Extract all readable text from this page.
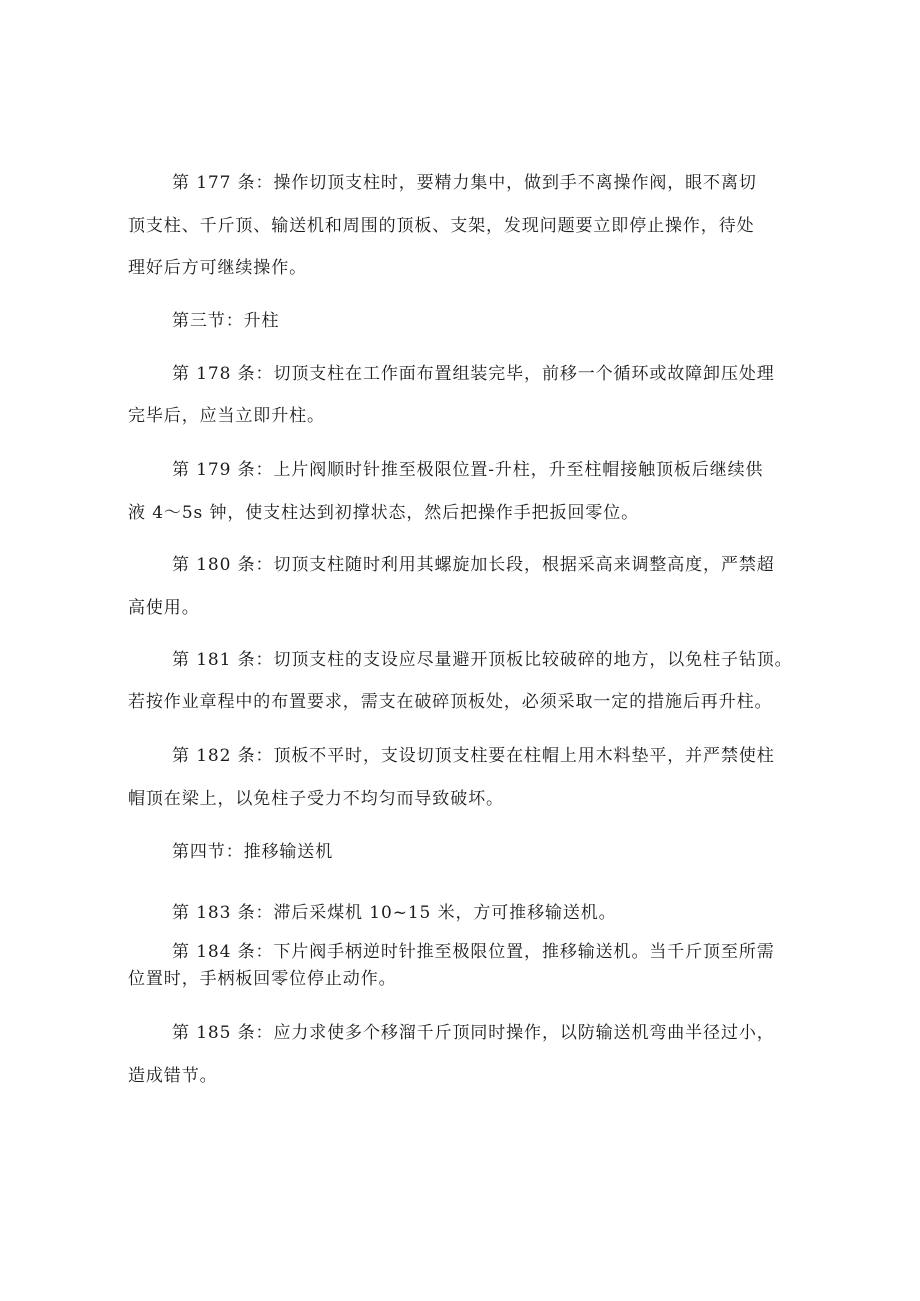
第 177 条：操作切顶支柱时，要精力集中，做到手不离操作阀，眼不离切
顶支柱、千斤顶、输送机和周围的顶板、支架，发现问题要立即停止操作，待处
理好后方可继续操作。
第三节：升柱
第 178 条：切顶支柱在工作面布置组装完毕，前移一个循环或故障卸压处理
完毕后，应当立即升柱。
第 179 条：上片阀顺时针推至极限位置-升柱，升至柱帽接触顶板后继续供
液 4～5s 钟，使支柱达到初撑状态，然后把操作手把扳回零位。
第 180 条：切顶支柱随时利用其螺旋加长段，根据采高来调整高度，严禁超
高使用。
第 181 条：切顶支柱的支设应尽量避开顶板比较破碎的地方，以免柱子钻顶。
若按作业章程中的布置要求，需支在破碎顶板处，必须采取一定的措施后再升柱。
第 182 条：顶板不平时，支设切顶支柱要在柱帽上用木料垫平，并严禁使柱
帽顶在梁上，以免柱子受力不均匀而导致破坏。
第四节：推移输送机
第 183 条：滞后采煤机 10~15 米，方可推移输送机。
第 184 条：下片阀手柄逆时针推至极限位置，推移输送机。当千斤顶至所需
位置时，手柄板回零位停止动作。
第 185 条：应力求使多个移溜千斤顶同时操作，以防输送机弯曲半径过小，
造成错节。
